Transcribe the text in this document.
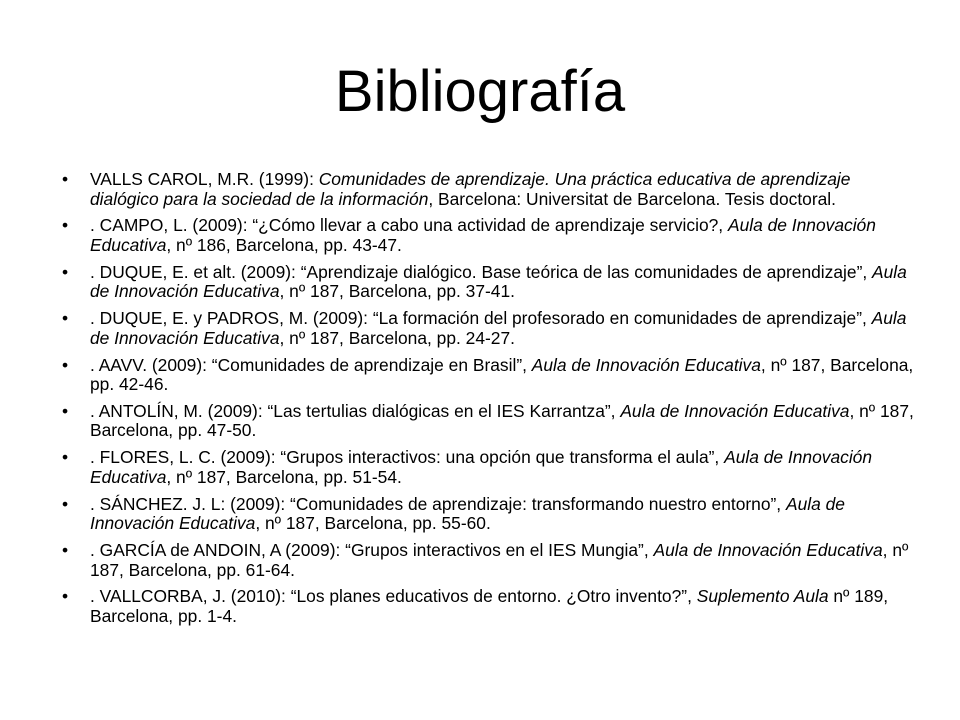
Bibliografía
• VALLS CAROL, M.R. (1999): Comunidades de aprendizaje. Una práctica educativa de aprendizaje dialógico para la sociedad de la información, Barcelona: Universitat de Barcelona. Tesis doctoral.
• . CAMPO, L. (2009): “¿Cómo llevar a cabo una actividad de aprendizaje servicio?, Aula de Innovación Educativa, nº 186, Barcelona, pp. 43-47.
• . DUQUE, E. et alt. (2009): “Aprendizaje dialógico. Base teórica de las comunidades de aprendizaje”, Aula de Innovación Educativa, nº 187, Barcelona, pp. 37-41.
• . DUQUE, E. y PADROS, M. (2009): “La formación del profesorado en comunidades de aprendizaje”, Aula de Innovación Educativa, nº 187, Barcelona, pp. 24-27.
• . AAVV. (2009): “Comunidades de aprendizaje en Brasil”, Aula de Innovación Educativa, nº 187, Barcelona, pp. 42-46.
• . ANTOLÍN, M. (2009): “Las tertulias dialógicas en el IES Karrantza”, Aula de Innovación Educativa, nº 187, Barcelona, pp. 47-50.
• . FLORES, L. C. (2009): “Grupos interactivos: una opción que transforma el aula”, Aula de Innovación Educativa, nº 187, Barcelona, pp. 51-54.
• . SÁNCHEZ. J. L: (2009): “Comunidades de aprendizaje: transformando nuestro entorno”, Aula de Innovación Educativa, nº 187, Barcelona, pp. 55-60.
• . GARCÍA de ANDOIN, A (2009): “Grupos interactivos en el IES Mungia”, Aula de Innovación Educativa, nº 187, Barcelona, pp. 61-64.
• . VALLCORBA, J. (2010): “Los planes educativos de entorno. ¿Otro invento?”, Suplemento Aula nº 189, Barcelona, pp. 1-4.
